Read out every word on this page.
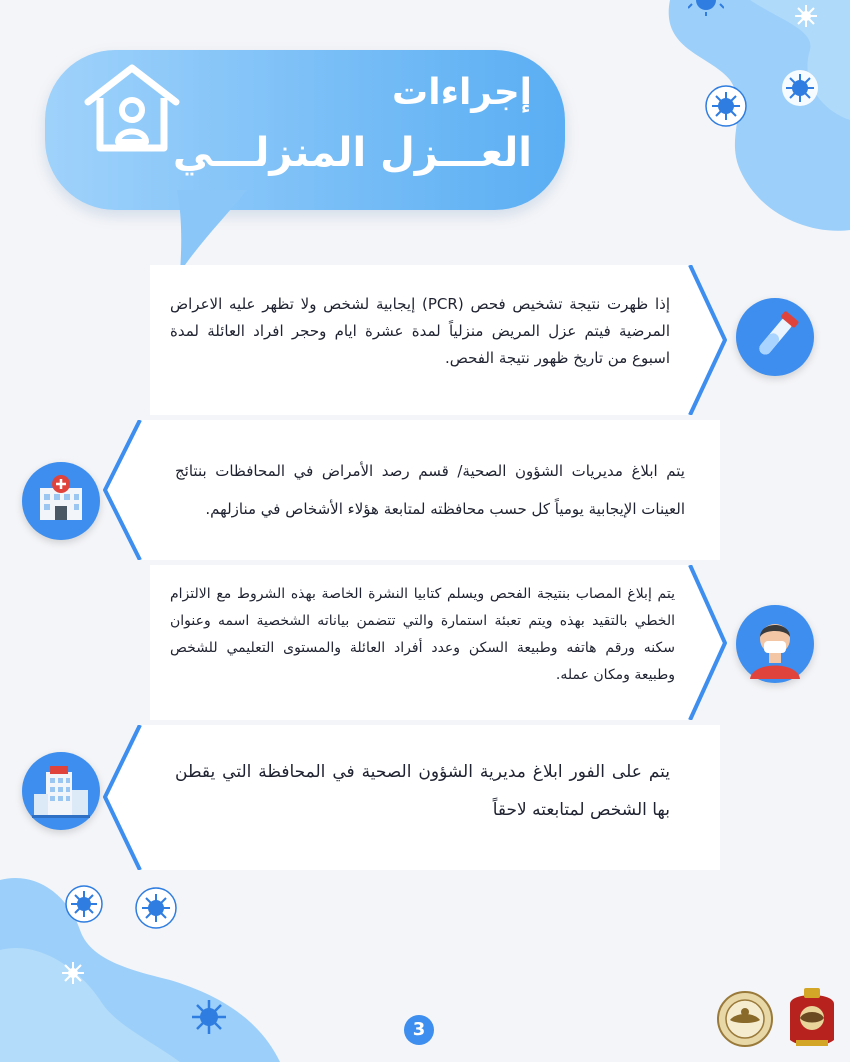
إجراءات
العـــزل المنزلـــي
إذا ظهرت نتيجة تشخيص فحص (PCR) إيجابية لشخص ولا تظهر عليه الاعراض المرضية فيتم عزل المريض منزلياً لمدة عشرة ايام وحجر افراد العائلة لمدة اسبوع من تاريخ ظهور نتيجة الفحص.
يتم ابلاغ مديريات الشؤون الصحية/ قسم رصد الأمراض في المحافظات بنتائج العينات الإيجابية يومياً كل حسب محافظته لمتابعة هؤلاء الأشخاص في منازلهم.
يتم إبلاغ المصاب بنتيجة الفحص ويسلم كتابيا النشرة الخاصة بهذه الشروط مع الالتزام الخطي بالتقيد بهذه ويتم تعبئة استمارة والتي تتضمن بياناته الشخصية اسمه وعنوان سكنه ورقم هاتفه وطبيعة السكن وعدد أفراد العائلة والمستوى التعليمي للشخص وطبيعة ومكان عمله.
يتم على الفور ابلاغ مديرية الشؤون الصحية في المحافظة التي يقطن بها الشخص لمتابعته لاحقاً
3
